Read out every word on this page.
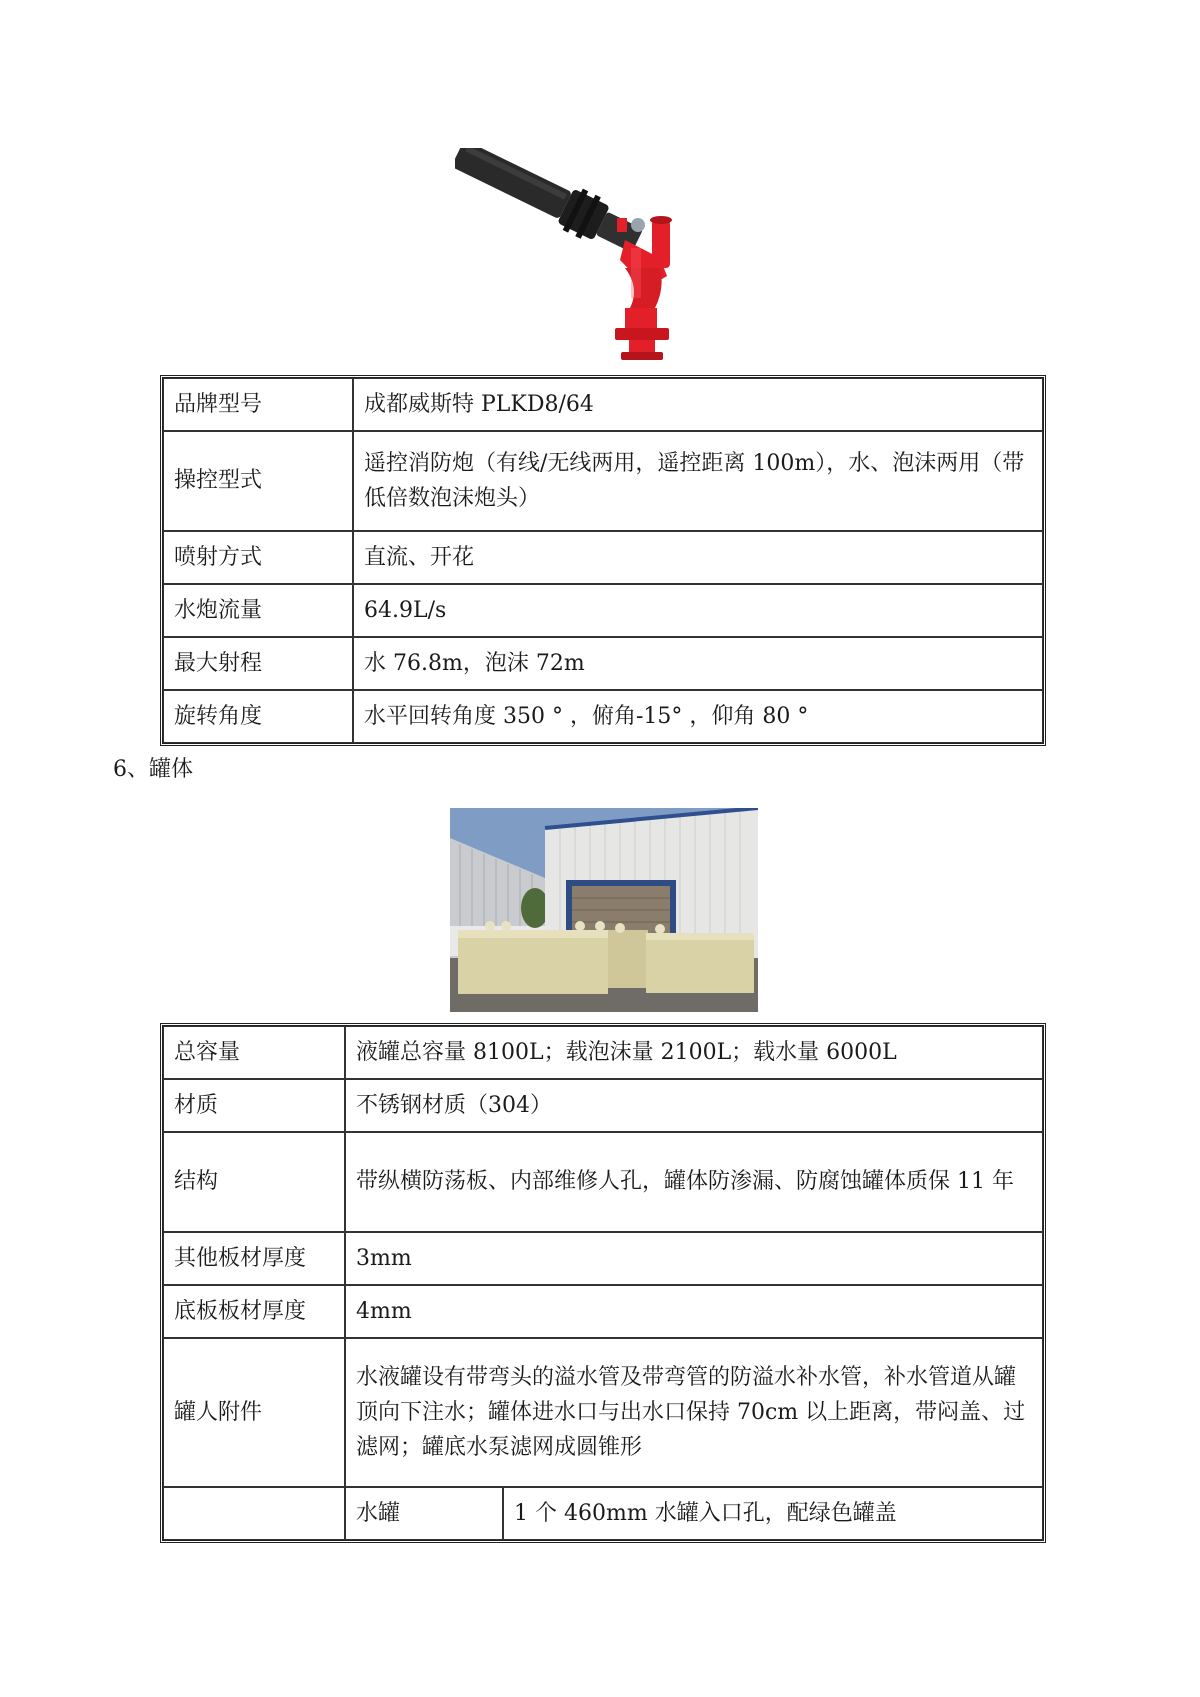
品牌型号	成都威斯特 PLKD8/64
操控型式	遥控消防炮（有线/无线两用，遥控距离 100m），水、泡沫两用（带低倍数泡沫炮头）
喷射方式	直流、开花
水炮流量	64.9L/s
最大射程	水 76.8m，泡沫 72m
旋转角度	水平回转角度 350 ° ，俯角-15° ，仰角 80 °
6、罐体
总容量	液罐总容量 8100L；载泡沫量 2100L；载水量 6000L	
材质	不锈钢材质（304）	
结构	带纵横防荡板、内部维修人孔，罐体防渗漏、防腐蚀罐体质保 11 年	
其他板材厚度	3mm	
底板板材厚度	4mm	
罐人附件	水液罐设有带弯头的溢水管及带弯管的防溢水补水管，补水管道从罐顶向下注水；罐体进水口与出水口保持 70cm 以上距离，带闷盖、过滤网；罐底水泵滤网成圆锥形	
	水罐	1 个 460mm 水罐入口孔，配绿色罐盖
